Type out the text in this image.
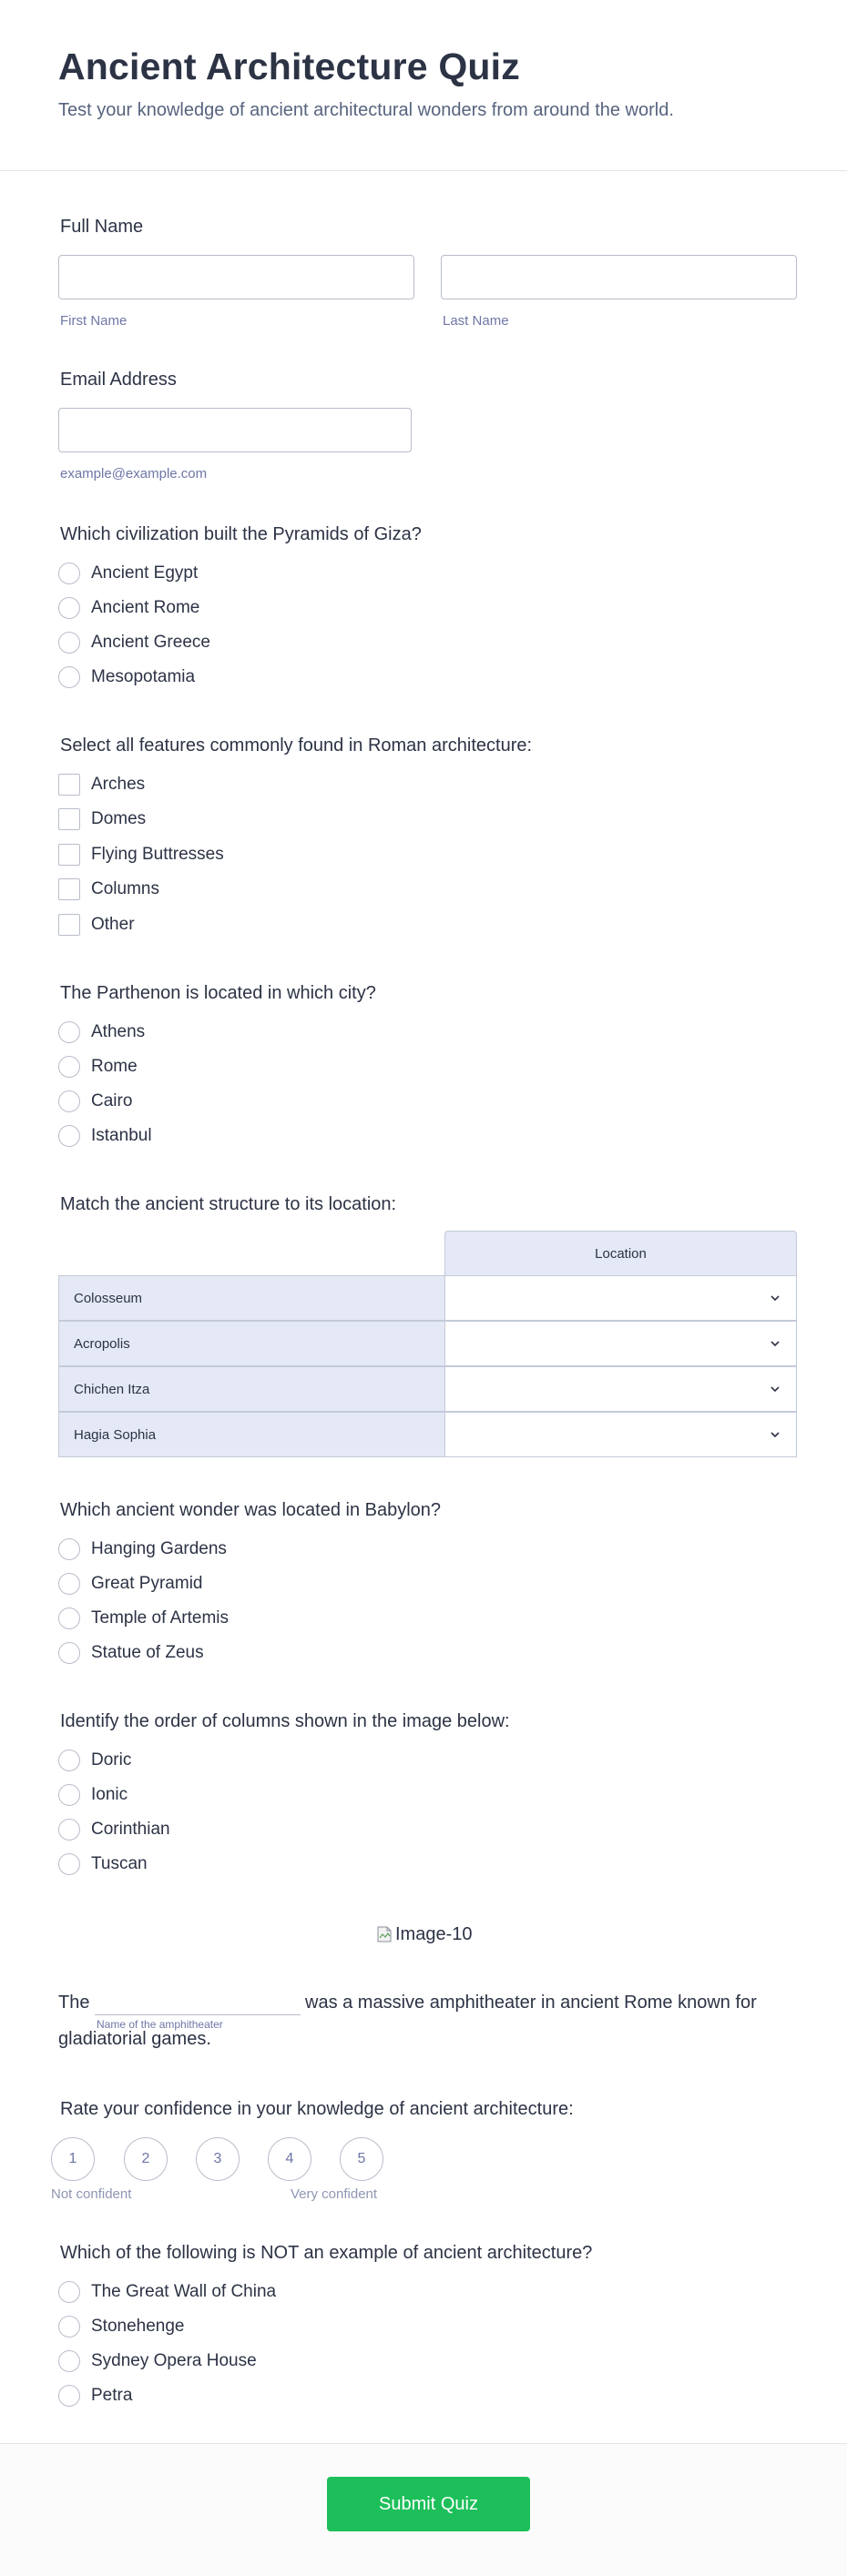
Ancient Architecture Quiz

Test your knowledge of ancient architectural wonders from around the world.

Full Name
First Name	Last Name
Email Address
example@example.com
Which civilization built the Pyramids of Giza?
Ancient Egypt
Ancient Rome
Ancient Greece
Mesopotamia
Select all features commonly found in Roman architecture:
Arches
Domes
Flying Buttresses
Columns
Other
The Parthenon is located in which city?
Athens
Rome
Cairo
Istanbul
Match the ancient structure to its location:
Location
Colosseum
Acropolis
Chichen Itza
Hagia Sophia
Which ancient wonder was located in Babylon?
Hanging Gardens
Great Pyramid
Temple of Artemis
Statue of Zeus
Identify the order of columns shown in the image below:
Doric
Ionic
Corinthian
Tuscan
Image-10
The
Name of the amphitheater
was a massive amphitheater in ancient Rome known for
gladiatorial games.
Rate your confidence in your knowledge of ancient architecture:
1	2	3	4	5
Not confident	Very confident
Which of the following is NOT an example of ancient architecture?
The Great Wall of China
Stonehenge
Sydney Opera House
Petra
Submit Quiz
